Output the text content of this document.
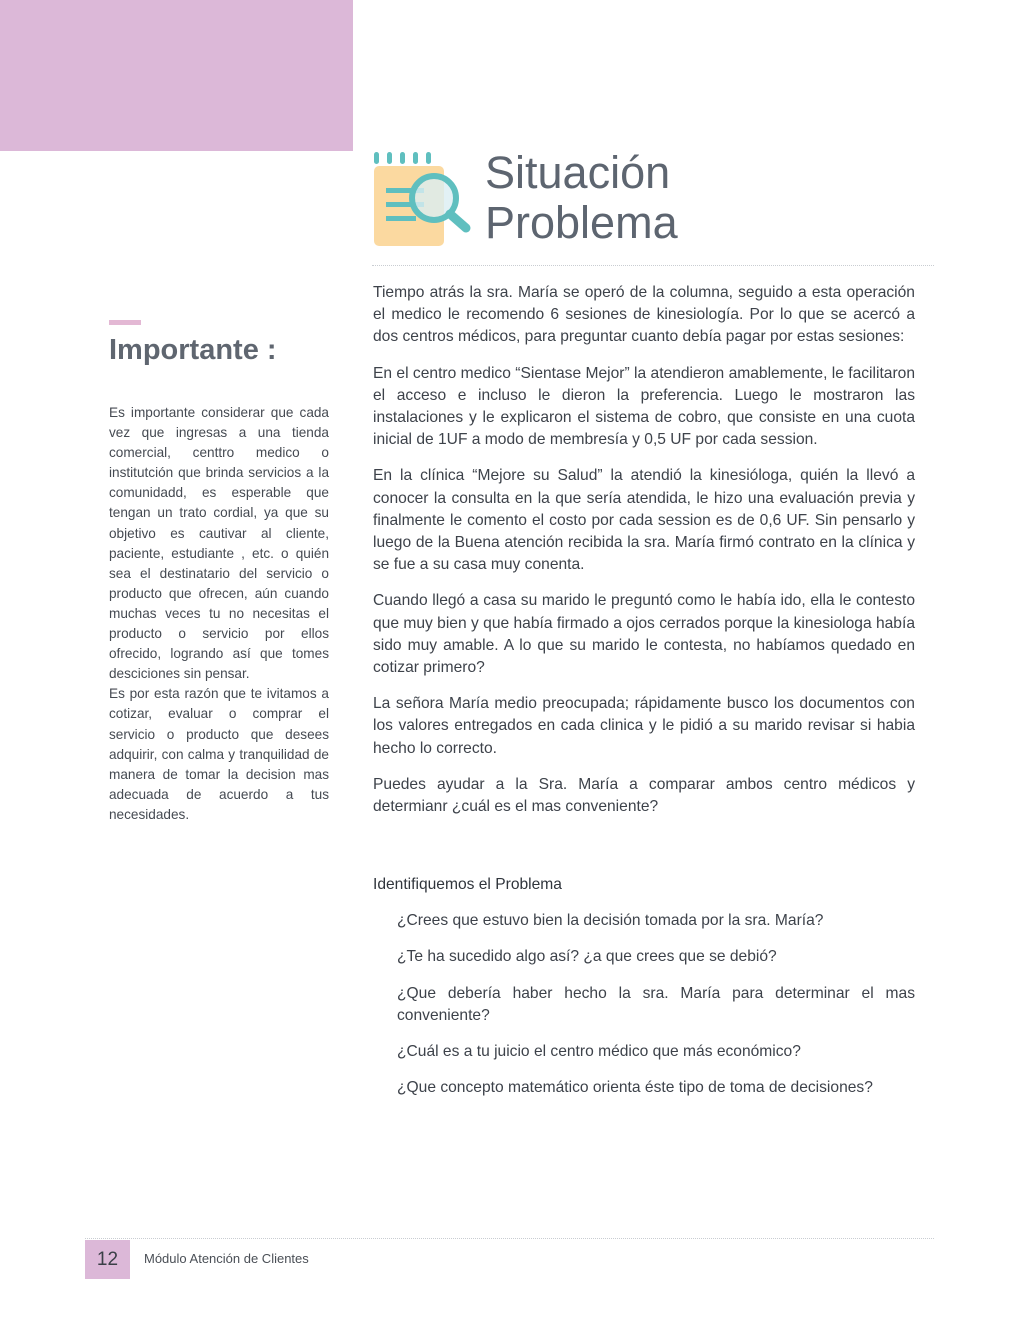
Situación
Problema
Importante :
Es importante considerar que cada vez que ingresas a una tienda comercial, centtro medico o institutción que brinda servicios a la comunidadd, es esperable que tengan un trato cordial, ya que su objetivo es cautivar al cliente, paciente, estudiante , etc. o quién sea el destinatario del servicio o producto que ofrecen, aún cuando muchas veces tu no necesitas el producto o servicio por ellos ofrecido, logrando así que tomes desciciones sin pensar.
Es por esta razón que te ivitamos a cotizar, evaluar o comprar el servicio o producto que desees adquirir, con calma y tranquilidad de manera de tomar la decision mas adecuada de acuerdo a tus necesidades.

Tiempo atrás la sra. María se operó de la columna, seguido a esta operación el medico le recomendo 6 sesiones de kinesiología. Por lo que se acercó a dos centros médicos, para preguntar cuanto debía pagar por estas sesiones:

En el centro medico “Sientase Mejor” la atendieron amablemente, le facilitaron el acceso e incluso le dieron la preferencia. Luego le mostraron las instalaciones y le explicaron el sistema de cobro, que consiste en una cuota inicial de 1UF a modo de membresía y 0,5 UF por cada session.

En la clínica “Mejore su Salud” la atendió la kinesióloga, quién la llevó a conocer la consulta en la que sería atendida, le hizo una evaluación previa y finalmente le comento el costo por cada session es de 0,6 UF. Sin pensarlo y luego de la Buena atención recibida la sra. María firmó contrato en la clínica y se fue a su casa muy conenta.

Cuando llegó a casa su marido le preguntó como le había ido, ella le contesto que muy bien y que había firmado a ojos cerrados porque la kinesiologa había sido muy amable. A lo que su marido le contesta, no habíamos quedado en cotizar primero?

La señora María medio preocupada; rápidamente busco los documentos con los valores entregados en cada clinica y le pidió a su marido revisar si habia hecho lo correcto.

Puedes ayudar a la Sra. María a comparar ambos centro médicos y determianr ¿cuál es el mas conveniente?

Identifiquemos el Problema
¿Crees que estuvo bien la decisión tomada por la sra. María?
¿Te ha sucedido algo así? ¿a que crees que se debió?
¿Que debería haber hecho la sra. María para determinar el mas conveniente?
¿Cuál es a tu juicio el centro médico que más económico?
¿Que concepto matemático orienta éste tipo de toma de decisiones?
12	Módulo Atención de Clientes
